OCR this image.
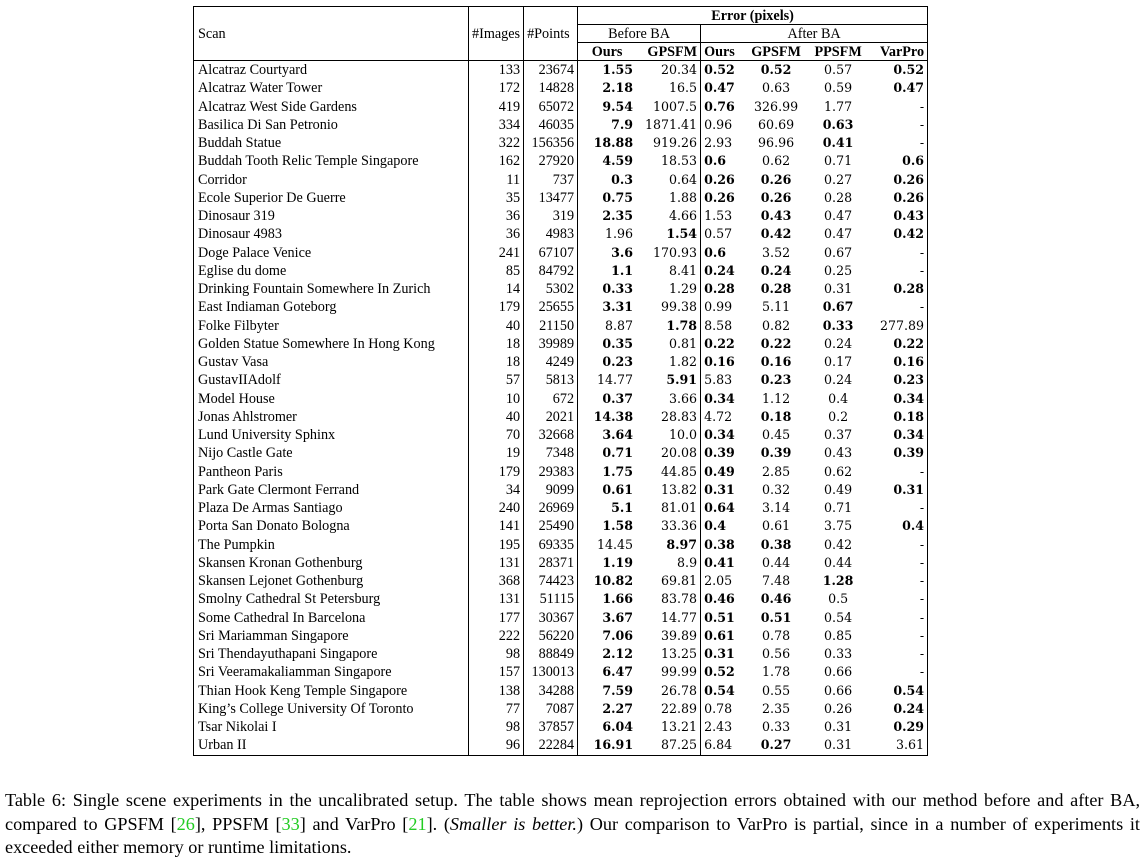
Scan	#Images	#Points	Error (pixels)					
			Before BA		After BA			
			Ours	GPSFM	Ours	GPSFM	PPSFM	VarPro
Alcatraz Courtyard	133	23674	1.55	20.34	0.52	0.52	0.57	0.52
Alcatraz Water Tower	172	14828	2.18	16.5	0.47	0.63	0.59	0.47
Alcatraz West Side Gardens	419	65072	9.54	1007.5	0.76	326.99	1.77	-
Basilica Di San Petronio	334	46035	7.9	1871.41	0.96	60.69	0.63	-
Buddah Statue	322	156356	18.88	919.26	2.93	96.96	0.41	-
Buddah Tooth Relic Temple Singapore	162	27920	4.59	18.53	0.6	0.62	0.71	0.6
Corridor	11	737	0.3	0.64	0.26	0.26	0.27	0.26
Ecole Superior De Guerre	35	13477	0.75	1.88	0.26	0.26	0.28	0.26
Dinosaur 319	36	319	2.35	4.66	1.53	0.43	0.47	0.43
Dinosaur 4983	36	4983	1.96	1.54	0.57	0.42	0.47	0.42
Doge Palace Venice	241	67107	3.6	170.93	0.6	3.52	0.67	-
Eglise du dome	85	84792	1.1	8.41	0.24	0.24	0.25	-
Drinking Fountain Somewhere In Zurich	14	5302	0.33	1.29	0.28	0.28	0.31	0.28
East Indiaman Goteborg	179	25655	3.31	99.38	0.99	5.11	0.67	-
Folke Filbyter	40	21150	8.87	1.78	8.58	0.82	0.33	277.89
Golden Statue Somewhere In Hong Kong	18	39989	0.35	0.81	0.22	0.22	0.24	0.22
Gustav Vasa	18	4249	0.23	1.82	0.16	0.16	0.17	0.16
GustavIIAdolf	57	5813	14.77	5.91	5.83	0.23	0.24	0.23
Model House	10	672	0.37	3.66	0.34	1.12	0.4	0.34
Jonas Ahlstromer	40	2021	14.38	28.83	4.72	0.18	0.2	0.18
Lund University Sphinx	70	32668	3.64	10.0	0.34	0.45	0.37	0.34
Nijo Castle Gate	19	7348	0.71	20.08	0.39	0.39	0.43	0.39
Pantheon Paris	179	29383	1.75	44.85	0.49	2.85	0.62	-
Park Gate Clermont Ferrand	34	9099	0.61	13.82	0.31	0.32	0.49	0.31
Plaza De Armas Santiago	240	26969	5.1	81.01	0.64	3.14	0.71	-
Porta San Donato Bologna	141	25490	1.58	33.36	0.4	0.61	3.75	0.4
The Pumpkin	195	69335	14.45	8.97	0.38	0.38	0.42	-
Skansen Kronan Gothenburg	131	28371	1.19	8.9	0.41	0.44	0.44	-
Skansen Lejonet Gothenburg	368	74423	10.82	69.81	2.05	7.48	1.28	-
Smolny Cathedral St Petersburg	131	51115	1.66	83.78	0.46	0.46	0.5	-
Some Cathedral In Barcelona	177	30367	3.67	14.77	0.51	0.51	0.54	-
Sri Mariamman Singapore	222	56220	7.06	39.89	0.61	0.78	0.85	-
Sri Thendayuthapani Singapore	98	88849	2.12	13.25	0.31	0.56	0.33	-
Sri Veeramakaliamman Singapore	157	130013	6.47	99.99	0.52	1.78	0.66	-
Thian Hook Keng Temple Singapore	138	34288	7.59	26.78	0.54	0.55	0.66	0.54
King’s College University Of Toronto	77	7087	2.27	22.89	0.78	2.35	0.26	0.24
Tsar Nikolai I	98	37857	6.04	13.21	2.43	0.33	0.31	0.29
Urban II	96	22284	16.91	87.25	6.84	0.27	0.31	3.61
Table 6: Single scene experiments in the uncalibrated setup. The table shows mean reprojection errors obtained with our method before and after BA, compared to GPSFM [26], PPSFM [33] and VarPro [21]. (Smaller is better.) Our comparison to VarPro is partial, since in a number of experiments it exceeded either memory or runtime limitations.
